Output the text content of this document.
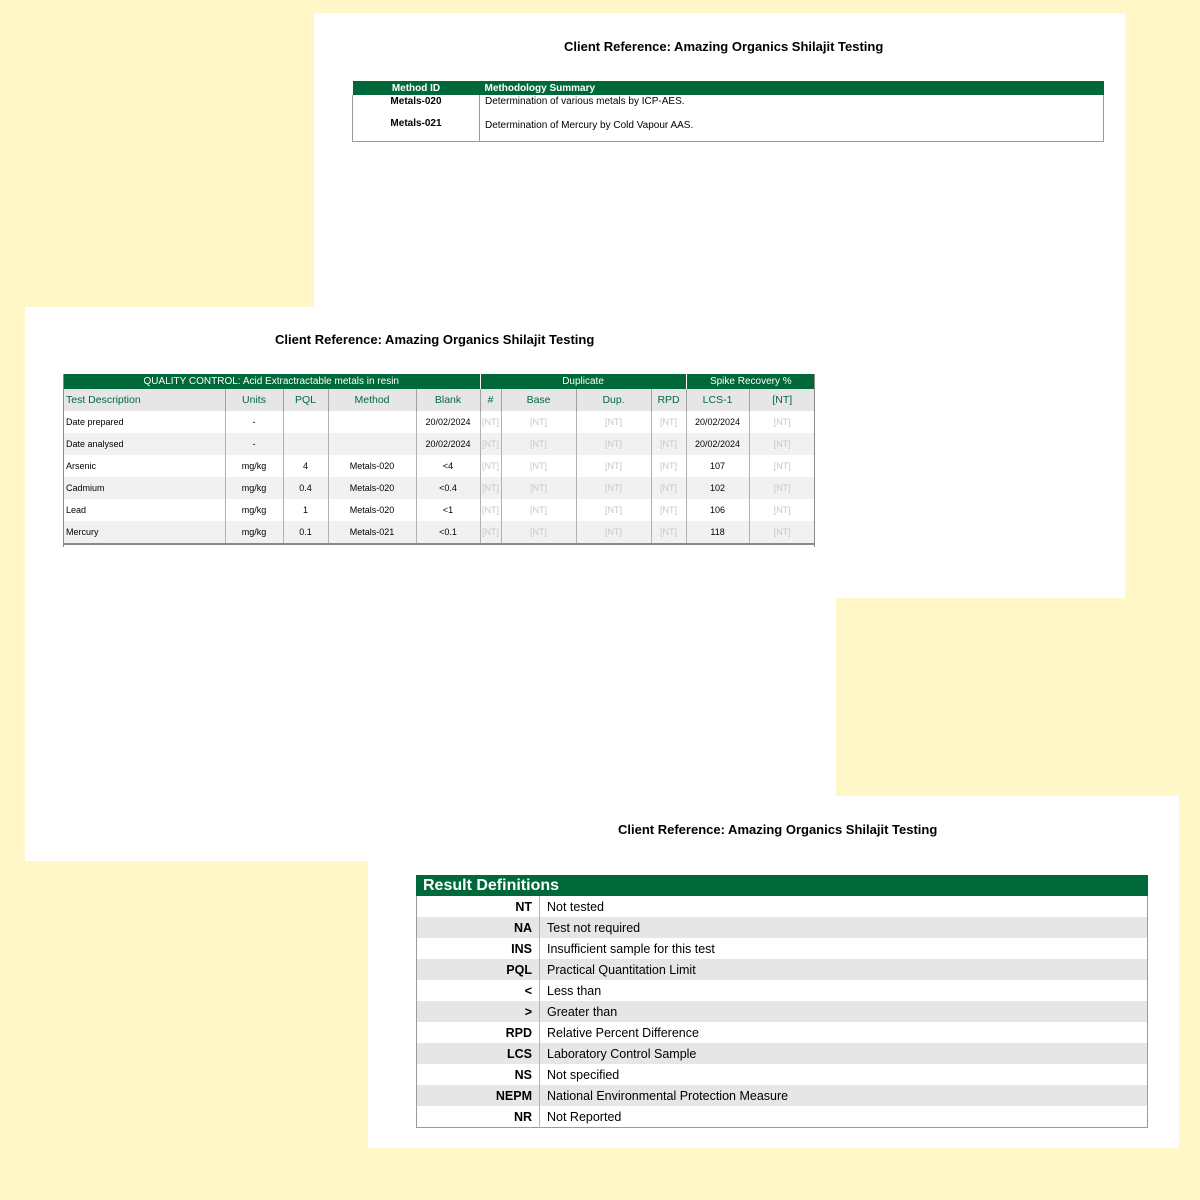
Client Reference: Amazing Organics Shilajit Testing
Method ID	Methodology Summary
Metals-020	Determination of various metals by ICP-AES.
Metals-021	Determination of Mercury by Cold Vapour AAS.
Client Reference: Amazing Organics Shilajit Testing
QUALITY CONTROL: Acid Extractractable metals in resin					Duplicate				Spike Recovery %	
Test Description	Units	PQL	Method	Blank	#	Base	Dup.	RPD	LCS-1	[NT]
Date prepared	-			20/02/2024	[NT]	[NT]	[NT]	[NT]	20/02/2024	[NT]
Date analysed	-			20/02/2024	[NT]	[NT]	[NT]	[NT]	20/02/2024	[NT]
Arsenic	mg/kg	4	Metals-020	<4	[NT]	[NT]	[NT]	[NT]	107	[NT]
Cadmium	mg/kg	0.4	Metals-020	<0.4	[NT]	[NT]	[NT]	[NT]	102	[NT]
Lead	mg/kg	1	Metals-020	<1	[NT]	[NT]	[NT]	[NT]	106	[NT]
Mercury	mg/kg	0.1	Metals-021	<0.1	[NT]	[NT]	[NT]	[NT]	118	[NT]
Client Reference: Amazing Organics Shilajit Testing
Result Definitions
NT	Not tested
NA	Test not required
INS	Insufficient sample for this test
PQL	Practical Quantitation Limit
<	Less than
>	Greater than
RPD	Relative Percent Difference
LCS	Laboratory Control Sample
NS	Not specified
NEPM	National Environmental Protection Measure
NR	Not Reported
